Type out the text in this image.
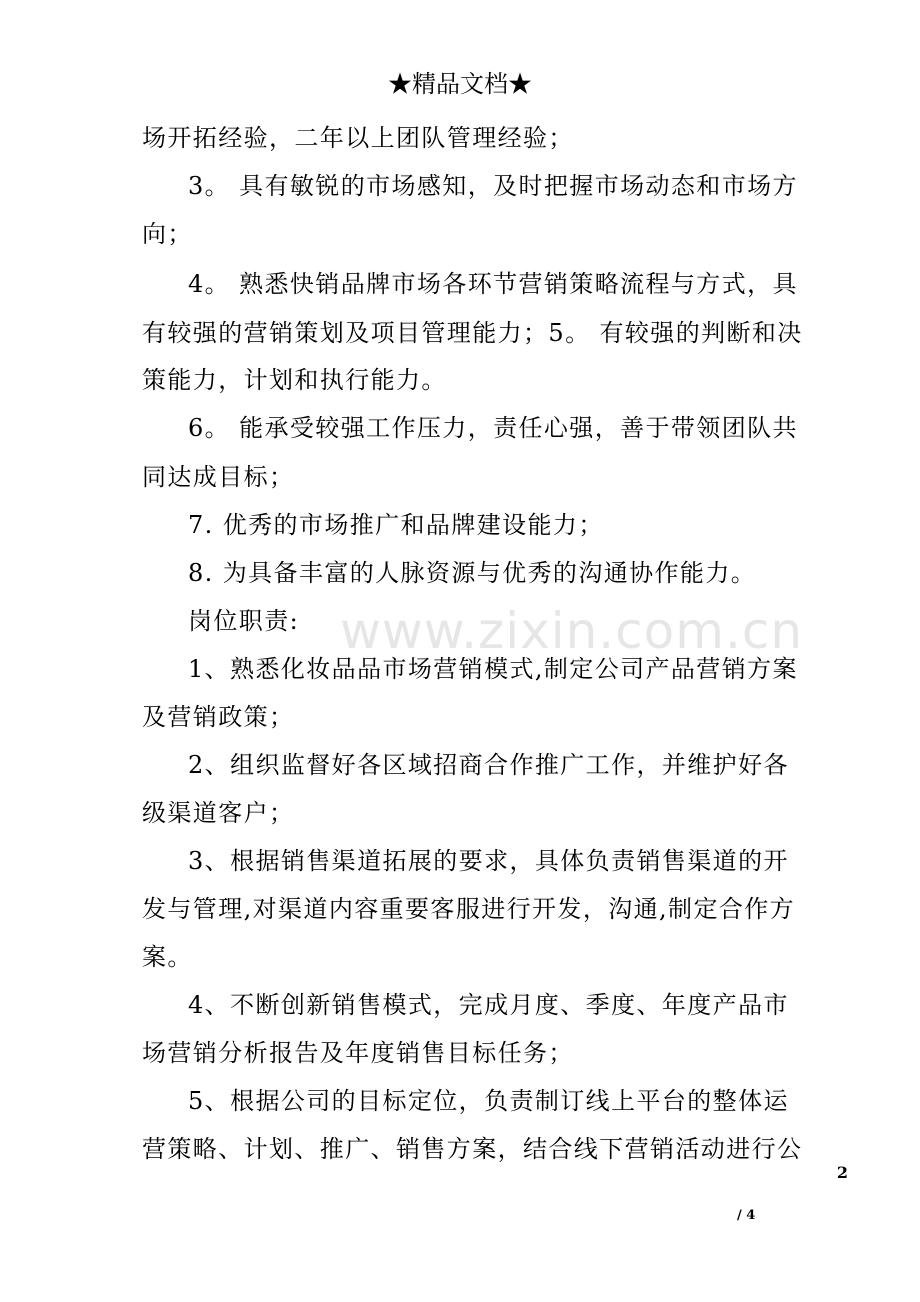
★精品文档★
www.zixin.com.cn
场开拓经验，二年以上团队管理经验；
3。 具有敏锐的市场感知，及时把握市场动态和市场方
向；
4。 熟悉快销品牌市场各环节营销策略流程与方式，具
有较强的营销策划及项目管理能力；5。 有较强的判断和决
策能力，计划和执行能力。
6。 能承受较强工作压力，责任心强，善于带领团队共
同达成目标；
7. 优秀的市场推广和品牌建设能力；
8. 为具备丰富的人脉资源与优秀的沟通协作能力。
岗位职责:
1、熟悉化妆品品市场营销模式,制定公司产品营销方案
及营销政策；
2、组织监督好各区域招商合作推广工作，并维护好各
级渠道客户；
3、根据销售渠道拓展的要求，具体负责销售渠道的开
发与管理,对渠道内容重要客服进行开发，沟通,制定合作方
案。
4、不断创新销售模式，完成月度、季度、年度产品市
场营销分析报告及年度销售目标任务；
5、根据公司的目标定位，负责制订线上平台的整体运
营策略、计划、推广、销售方案，结合线下营销活动进行公
2
/ 4
